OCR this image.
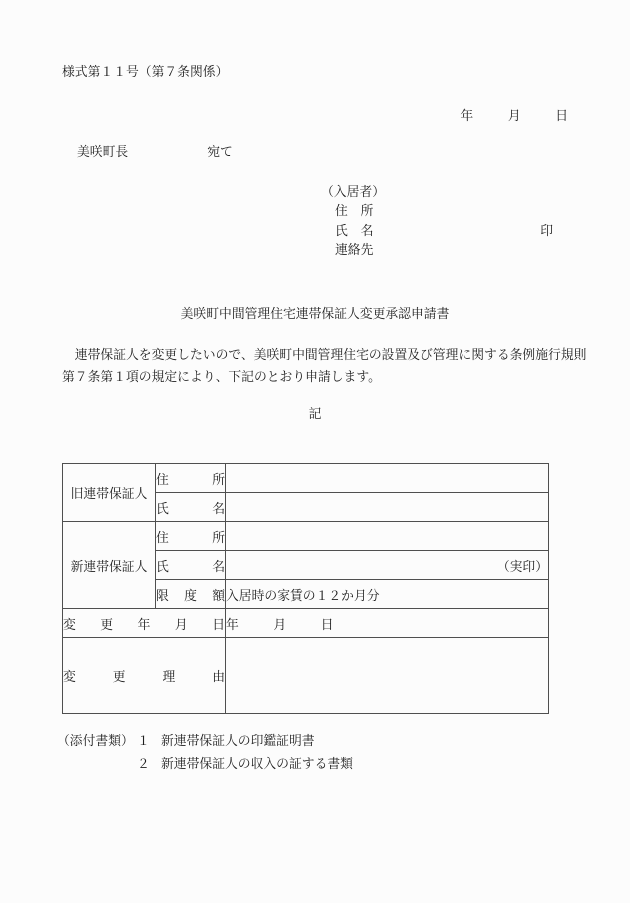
様式第１１号（第７条関係）
年　　月　　日
美咲町長	宛て
（入居者）
住　所
氏　名	印
連絡先
美咲町中間管理住宅連帯保証人変更承認申請書
　連帯保証人を変更したいので、美咲町中間管理住宅の設置及び管理に関する条例施行規則
第７条第１項の規定により、下記のとおり申請します。
記
旧連帯保証人	住 所	

	氏 名	

新連帯保証人	住 所	

	氏 名	（実印）

	限 度 額	入居時の家賃の１２か月分

変 更 年 月 日		年　　月　　日

変 更 理 由		

（添付書類） １ 新連帯保証人の印鑑証明書
２ 新連帯保証人の収入の証する書類
